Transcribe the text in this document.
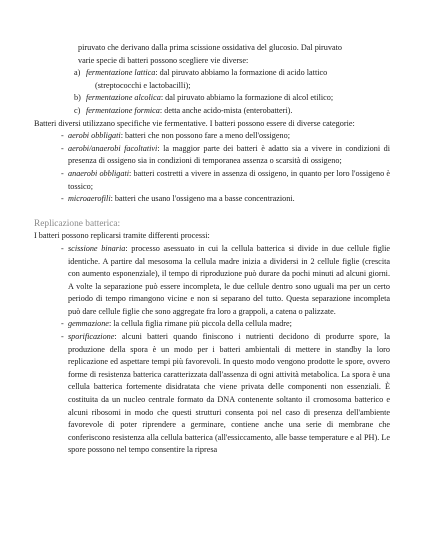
piruvato che derivano dalla prima scissione ossidativa del glucosio. Dal piruvato

varie specie di batteri possono scegliere vie diverse:

a) fermentazione lattica: dal piruvato abbiamo la formazione di acido lattico
(streptococchi e lactobacilli);
b) fermentazione alcolica: dal piruvato abbiamo la formazione di alcol etilico;
c) fermentazione formica: detta anche acido-mista (enterobatteri).

Batteri diversi utilizzano specifiche vie fermentative. I batteri possono essere di diverse categorie:

- aerobi obbligati: batteri che non possono fare a meno dell'ossigeno;
- aerobi/anaerobi facoltativi: la maggior parte dei batteri è adatto sia a vivere in condizioni di presenza di ossigeno sia in condizioni di temporanea assenza o scarsità di ossigeno;
- anaerobi obbligati: batteri costretti a vivere in assenza di ossigeno, in quanto per loro l'ossigeno è tossico;
- microaerofili: batteri che usano l'ossigeno ma a basse concentrazioni.

Replicazione batterica:

I batteri possono replicarsi tramite differenti processi:

- scissione binaria: processo asessuato in cui la cellula batterica si divide in due cellule figlie identiche. A partire dal mesosoma la cellula madre inizia a dividersi in 2 cellule figlie (crescita con aumento esponenziale), il tempo di riproduzione può durare da pochi minuti ad alcuni giorni. A volte la separazione può essere incompleta, le due cellule dentro sono uguali ma per un certo periodo di tempo rimangono vicine e non si separano del tutto. Questa separazione incompleta può dare cellule figlie che sono aggregate fra loro a grappoli, a catena o palizzate.
- gemmazione: la cellula figlia rimane più piccola della cellula madre;
- sporificazione: alcuni batteri quando finiscono i nutrienti decidono di produrre spore, la produzione della spora è un modo per i batteri ambientali di mettere in standby la loro replicazione ed aspettare tempi più favorevoli. In questo modo vengono prodotte le spore, ovvero forme di resistenza batterica caratterizzata dall'assenza di ogni attività metabolica. La spora è una cellula batterica fortemente disidratata che viene privata delle componenti non essenziali. È costituita da un nucleo centrale formato da DNA contenente soltanto il cromosoma batterico e alcuni ribosomi in modo che questi strutturi consenta poi nel caso di presenza dell'ambiente favorevole di poter riprendere a germinare, contiene anche una serie di membrane che conferiscono resistenza alla cellula batterica (all'essiccamento, alle basse temperature e al PH). Le spore possono nel tempo consentire la ripresa
